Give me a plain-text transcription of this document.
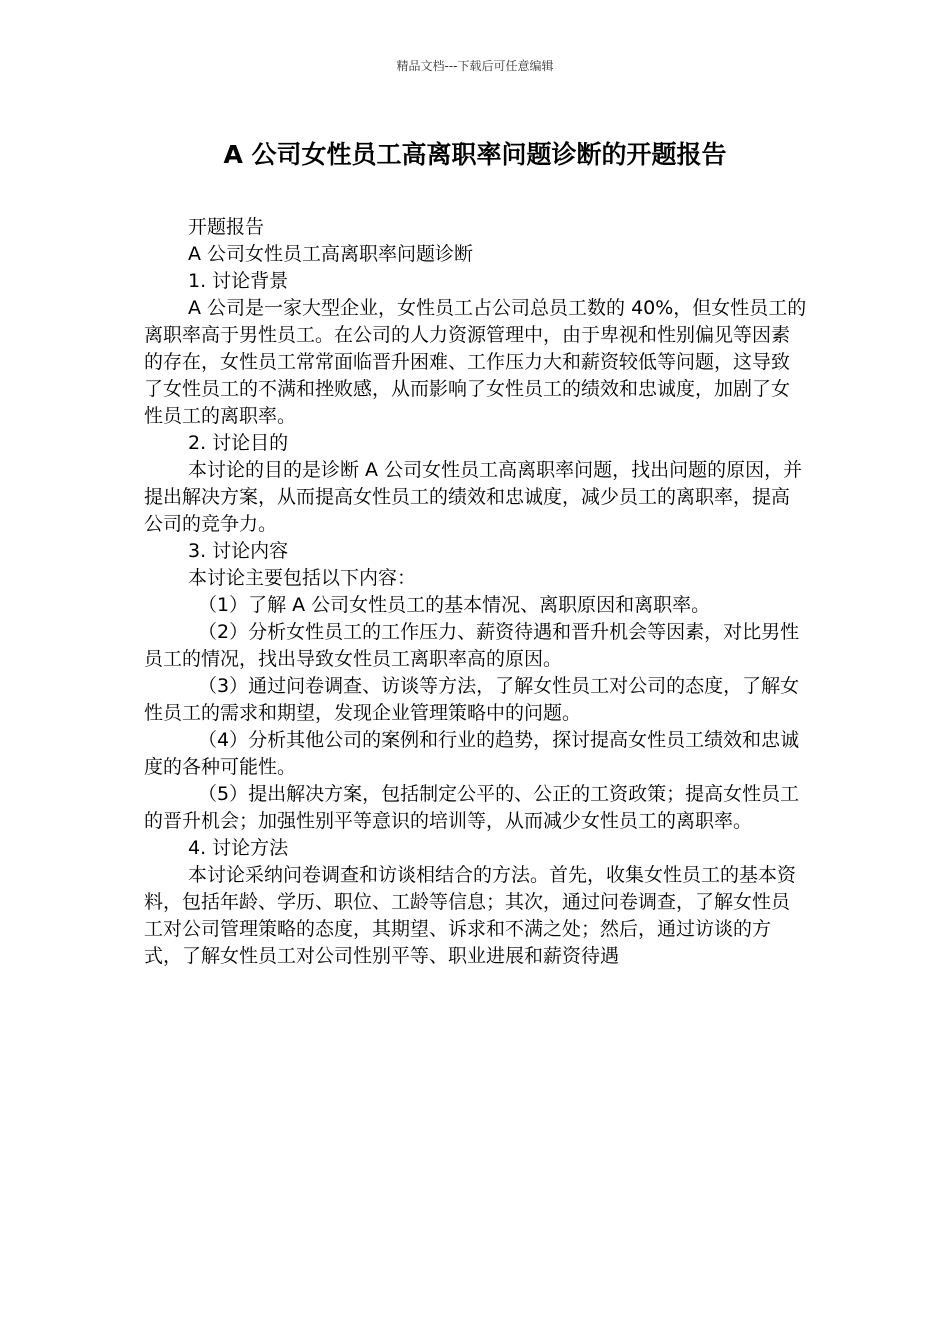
精品文档---下载后可任意编辑
A 公司女性员工高离职率问题诊断的开题报告

开题报告

A 公司女性员工高离职率问题诊断

1. 讨论背景

A 公司是一家大型企业，女性员工占公司总员工数的 40%，但女性员工的离职率高于男性员工。在公司的人力资源管理中，由于卑视和性别偏见等因素的存在，女性员工常常面临晋升困难、工作压力大和薪资较低等问题，这导致了女性员工的不满和挫败感，从而影响了女性员工的绩效和忠诚度，加剧了女性员工的离职率。

2. 讨论目的

本讨论的目的是诊断 A 公司女性员工高离职率问题，找出问题的原因，并提出解决方案，从而提高女性员工的绩效和忠诚度，减少员工的离职率，提高公司的竞争力。

3. 讨论内容

本讨论主要包括以下内容：

（1）了解 A 公司女性员工的基本情况、离职原因和离职率。

（2）分析女性员工的工作压力、薪资待遇和晋升机会等因素，对比男性员工的情况，找出导致女性员工离职率高的原因。

（3）通过问卷调查、访谈等方法，了解女性员工对公司的态度，了解女性员工的需求和期望，发现企业管理策略中的问题。

（4）分析其他公司的案例和行业的趋势，探讨提高女性员工绩效和忠诚度的各种可能性。

（5）提出解决方案，包括制定公平的、公正的工资政策；提高女性员工的晋升机会；加强性别平等意识的培训等，从而减少女性员工的离职率。

4. 讨论方法

本讨论采纳问卷调查和访谈相结合的方法。首先，收集女性员工的基本资料，包括年龄、学历、职位、工龄等信息；其次，通过问卷调查，了解女性员工对公司管理策略的态度，其期望、诉求和不满之处；然后，通过访谈的方式，了解女性员工对公司性别平等、职业进展和薪资待遇
